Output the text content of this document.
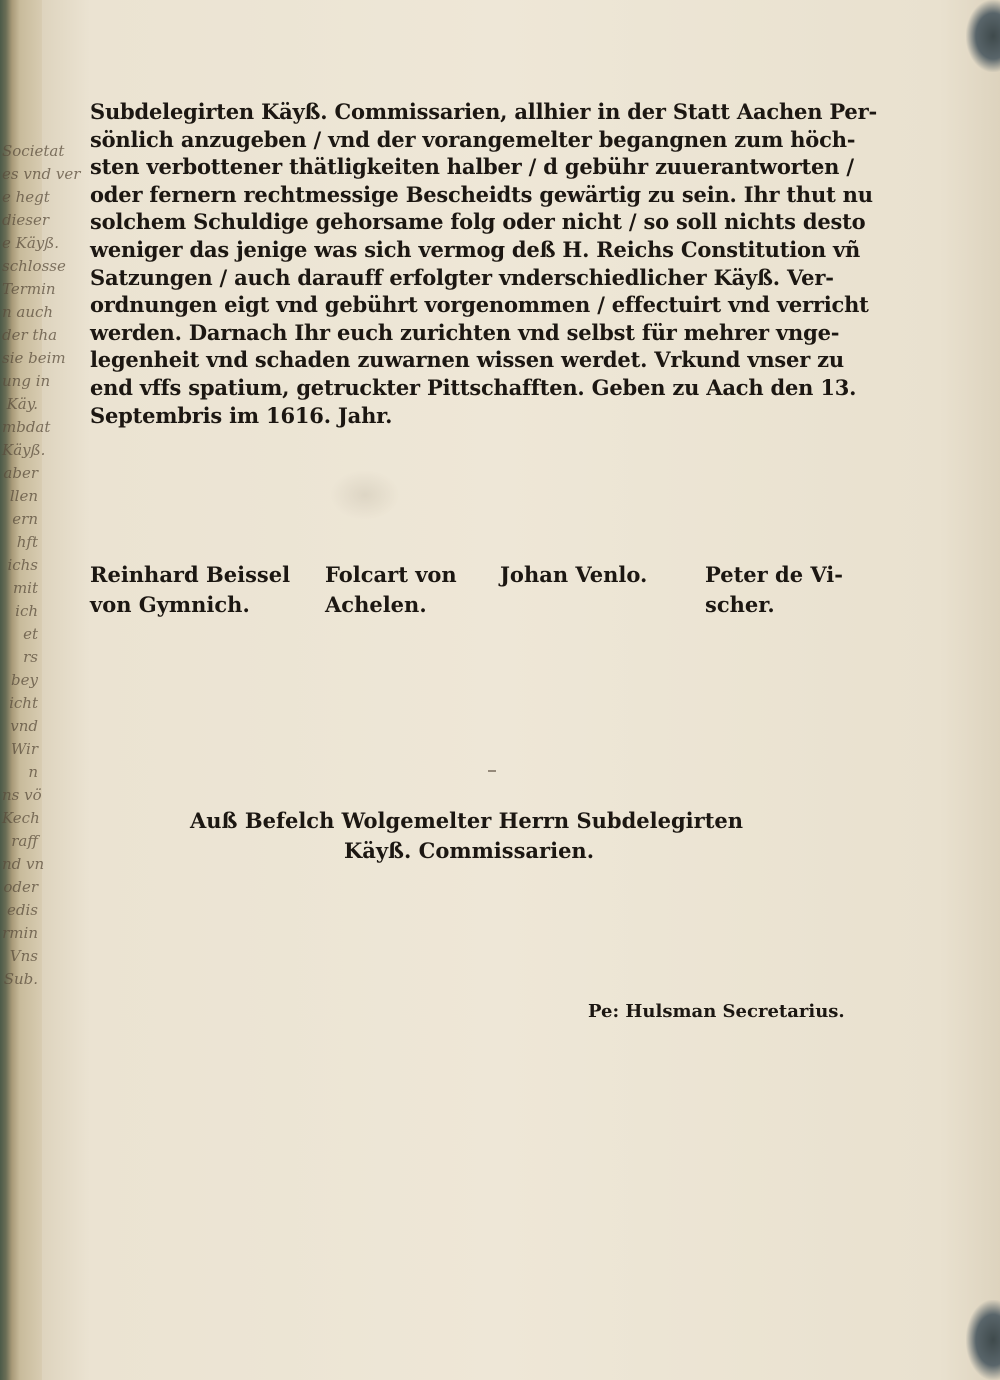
Societat
es vnd ver
e hegt
dieser
e Käyß.
schlosse
Termin
n auch
der tha
sie beim
ung in
Käy.
mbdat
Käyß.
aber
llen
ern
hft
ichs
mit
ich
et
rs
bey
icht
vnd
Wir
n
ns vö
Kech
raff
nd vn
oder
edis
rmin
Vns
Sub.
Subdelegirten Käyß. Commissarien, allhier in der Statt Aachen Per-
sönlich anzugeben / vnd der vorangemelter begangnen zum höch-
sten verbottener thätligkeiten halber / d gebühr zuuerantworten /
oder fernern rechtmessige Bescheidts gewärtig zu sein. Ihr thut nu
solchem Schuldige gehorsame folg oder nicht / so soll nichts desto
weniger das jenige was sich vermog deß H. Reichs Constitution vñ
Satzungen / auch darauff erfolgter vnderschiedlicher Käyß. Ver-
ordnungen eigt vnd gebührt vorgenommen / effectuirt vnd verricht
werden. Darnach Ihr euch zurichten vnd selbst für mehrer vnge-
legenheit vnd schaden zuwarnen wissen werdet. Vrkund vnser zu
end vffs spatium, getruckter Pittschafften. Geben zu Aach den 13.
Septembris im 1616. Jahr.
Reinhard Beissel
von Gymnich.
Folcart von
Achelen.
Johan Venlo.	Peter de Vi-
scher.
Auß Befelch Wolgemelter Herrn Subdelegirten
Käyß. Commissarien.
Pe: Hulsman Secretarius.
